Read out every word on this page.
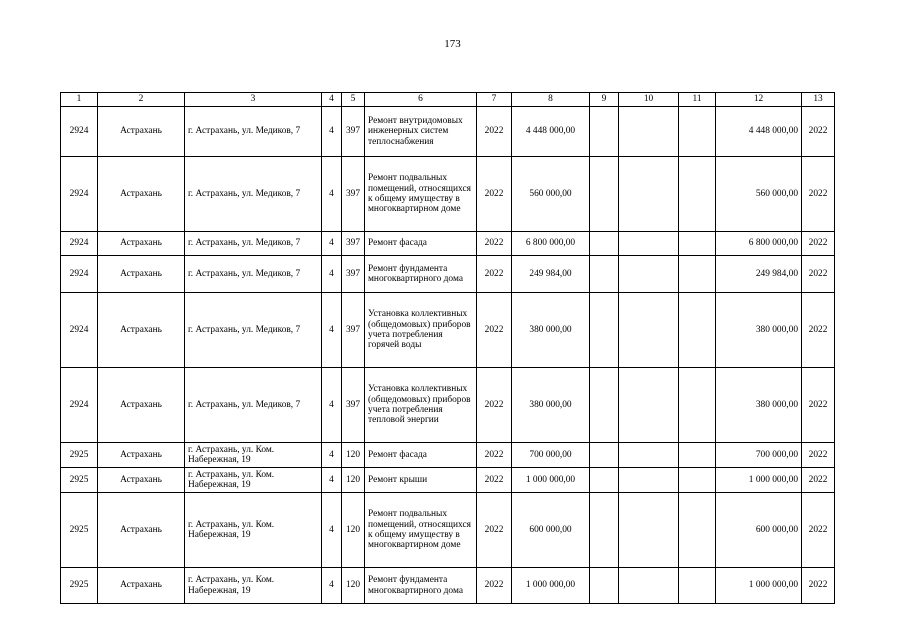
173
1	2	3	4	5	6	7	8	9	10	11	12	13
2924	Астрахань	г. Астрахань, ул. Медиков, 7	4	397	Ремонт внутридомовых инженерных систем теплоснабжения	2022	4 448 000,00				4 448 000,00	2022
2924	Астрахань	г. Астрахань, ул. Медиков, 7	4	397	Ремонт подвальных помещений, относящихся к общему имуществу в многоквартирном доме	2022	560 000,00				560 000,00	2022
2924	Астрахань	г. Астрахань, ул. Медиков, 7	4	397	Ремонт фасада	2022	6 800 000,00				6 800 000,00	2022
2924	Астрахань	г. Астрахань, ул. Медиков, 7	4	397	Ремонт фундамента многоквартирного дома	2022	249 984,00				249 984,00	2022
2924	Астрахань	г. Астрахань, ул. Медиков, 7	4	397	Установка коллективных (общедомовых) приборов учета потребления горячей воды	2022	380 000,00				380 000,00	2022
2924	Астрахань	г. Астрахань, ул. Медиков, 7	4	397	Установка коллективных (общедомовых) приборов учета потребления тепловой энергии	2022	380 000,00				380 000,00	2022
2925	Астрахань	г. Астрахань, ул. Ком. Набережная, 19	4	120	Ремонт фасада	2022	700 000,00				700 000,00	2022
2925	Астрахань	г. Астрахань, ул. Ком. Набережная, 19	4	120	Ремонт крыши	2022	1 000 000,00				1 000 000,00	2022
2925	Астрахань	г. Астрахань, ул. Ком. Набережная, 19	4	120	Ремонт подвальных помещений, относящихся к общему имуществу в многоквартирном доме	2022	600 000,00				600 000,00	2022
2925	Астрахань	г. Астрахань, ул. Ком. Набережная, 19	4	120	Ремонт фундамента многоквартирного дома	2022	1 000 000,00				1 000 000,00	2022
